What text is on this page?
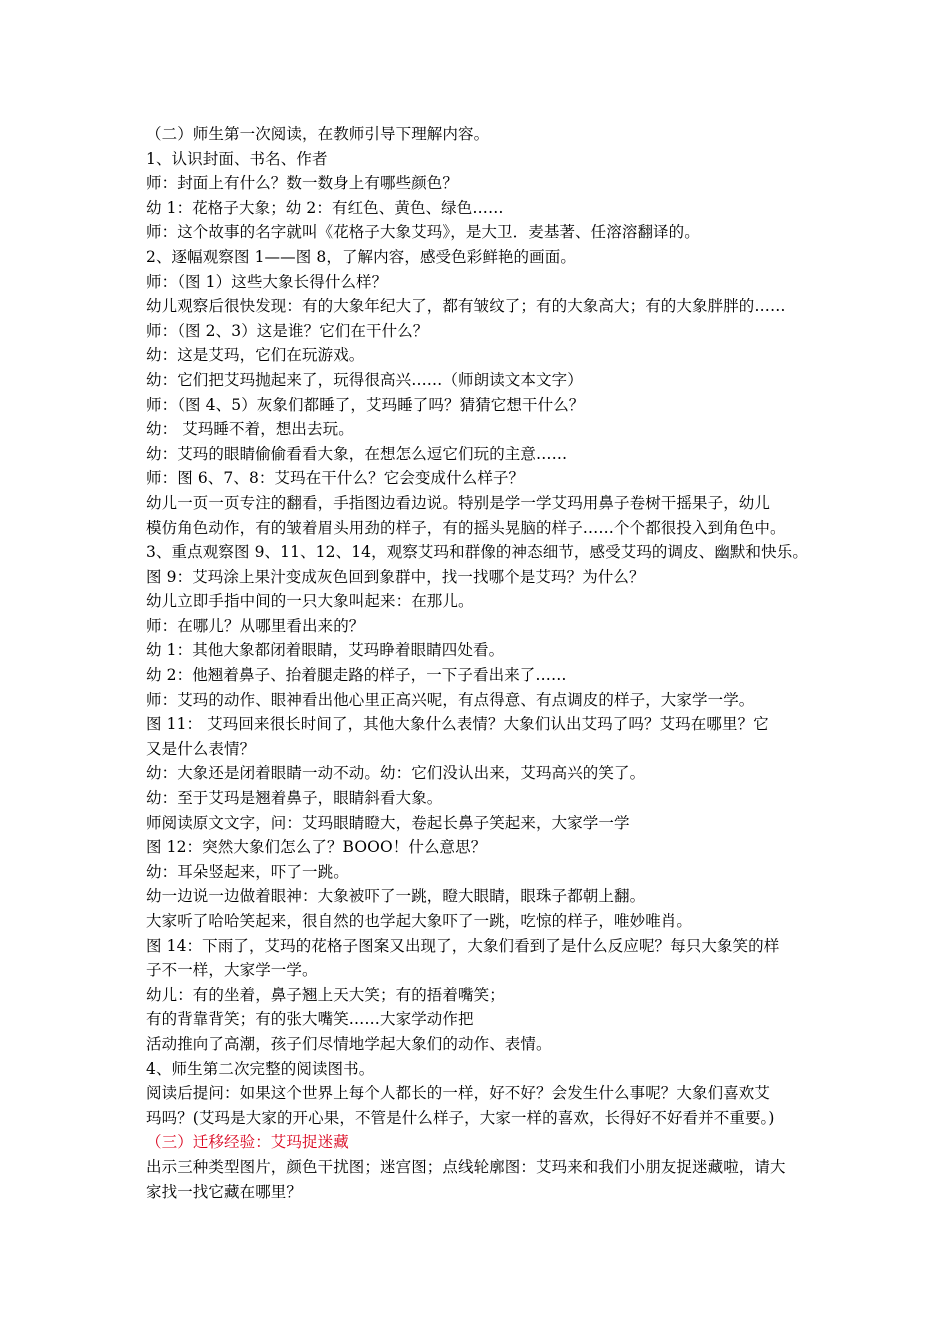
（二）师生第一次阅读，在教师引导下理解内容。
1、认识封面、书名、作者
师：封面上有什么？数一数身上有哪些颜色？
幼 1：花格子大象；幼 2：有红色、黄色、绿色……
师：这个故事的名字就叫《花格子大象艾玛》，是大卫．麦基著、任溶溶翻译的。
2、逐幅观察图 1——图 8，了解内容，感受色彩鲜艳的画面。
师：（图 1）这些大象长得什么样？
幼儿观察后很快发现：有的大象年纪大了，都有皱纹了；有的大象高大；有的大象胖胖的……
师：（图 2、3）这是谁？它们在干什么？
幼：这是艾玛，它们在玩游戏。
幼：它们把艾玛抛起来了，玩得很高兴……（师朗读文本文字）
师：（图 4、5）灰象们都睡了，艾玛睡了吗？猜猜它想干什么？
幼： 艾玛睡不着，想出去玩。
幼：艾玛的眼睛偷偷看看大象，在想怎么逗它们玩的主意……
师：图 6、7、8：艾玛在干什么？它会变成什么样子？
幼儿一页一页专注的翻看，手指图边看边说。特别是学一学艾玛用鼻子卷树干摇果子，幼儿
模仿角色动作，有的皱着眉头用劲的样子，有的摇头晃脑的样子……个个都很投入到角色中。
3、重点观察图 9、11、12、14，观察艾玛和群像的神态细节，感受艾玛的调皮、幽默和快乐。
图 9：艾玛涂上果汁变成灰色回到象群中，找一找哪个是艾玛？为什么？
幼儿立即手指中间的一只大象叫起来：在那儿。
师：在哪儿？从哪里看出来的？
幼 1：其他大象都闭着眼睛，艾玛睁着眼睛四处看。
幼 2：他翘着鼻子、抬着腿走路的样子，一下子看出来了……
师：艾玛的动作、眼神看出他心里正高兴呢，有点得意、有点调皮的样子，大家学一学。
图 11： 艾玛回来很长时间了，其他大象什么表情？大象们认出艾玛了吗？艾玛在哪里？它
又是什么表情？
幼：大象还是闭着眼睛一动不动。幼：它们没认出来，艾玛高兴的笑了。
幼：至于艾玛是翘着鼻子，眼睛斜看大象。
师阅读原文文字，问：艾玛眼睛瞪大，卷起长鼻子笑起来，大家学一学
图 12：突然大象们怎么了？BOOO！什么意思？
幼：耳朵竖起来，吓了一跳。
幼一边说一边做着眼神：大象被吓了一跳，瞪大眼睛，眼珠子都朝上翻。
大家听了哈哈笑起来，很自然的也学起大象吓了一跳，吃惊的样子，唯妙唯肖。
图 14：下雨了，艾玛的花格子图案又出现了，大象们看到了是什么反应呢？每只大象笑的样
子不一样，大家学一学。
幼儿：有的坐着，鼻子翘上天大笑；有的捂着嘴笑；
有的背靠背笑；有的张大嘴笑……大家学动作把
活动推向了高潮，孩子们尽情地学起大象们的动作、表情。
4、师生第二次完整的阅读图书。
阅读后提问：如果这个世界上每个人都长的一样，好不好？会发生什么事呢？大象们喜欢艾
玛吗？(艾玛是大家的开心果，不管是什么样子，大家一样的喜欢，长得好不好看并不重要。)
（三）迁移经验：艾玛捉迷藏
出示三种类型图片，颜色干扰图；迷宫图；点线轮廓图：艾玛来和我们小朋友捉迷藏啦，请大
家找一找它藏在哪里？
